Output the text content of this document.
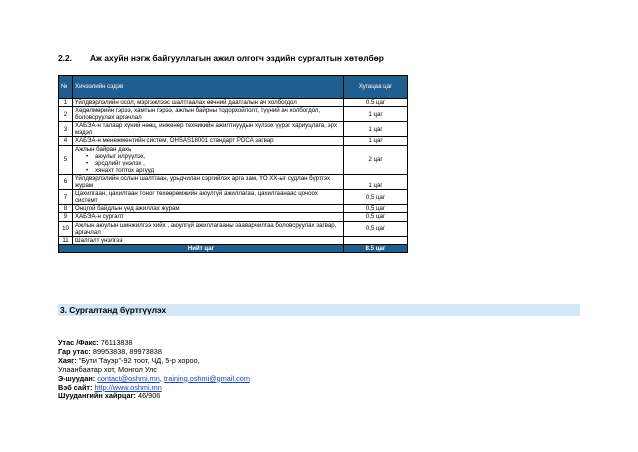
2.2.	Аж ахуйн нэгж байгууллагын ажил олгогч эздийн сургалтын хөтөлбөр
№	Хичээлийн сэдэв	Хугацаа цаг
1	Үйлдвэрлэлийн осол, мэргэжлээс шалтгаалах өвчний даатгалын ач холбогдол	0.5 цаг
2	Хөдөлмөрийн гэрээ, хамтын гэрээ, ажлын байрны тодорхойлолт, түүний ач холбогдол, боловсруулах аргачлал	1 цаг
3	ХАБЭА-н талаар хүний нөөц, инженер техникийн ажилтнуудын хүлээх үүрэг хариуцлага, эрх мэдэл	1 цаг
4	ХАБЭА-н менежментийн систем, OHSAS18001 стандарт PDCA загвар	1 цаг
5	Ажлын байран дахь
• аюулыг илрүүлэх,
• эрсдлийг үнэлэх ,
• хянахт топтох аргууд	2 цаг
6	Үйлдвэрлэлийн ослын шалтгаан, урьдчилан сэргийлэх арга зам, ҮО ХХ-ыг судлан бүртгэх журам	1 цаг
7	Цахилгаан, цахилгаан тоног төхөөрөмжийн аюулгүй ажиллагаа, цахилгаанаас цочоох системт	0,5 цаг
8	Онцгой байдлын үед ажиллах журам	0,5 цаг
9	ХАБЭА-н сургалт	0,5 цаг
10	Ажлын аюулын шинжилгээ хийх , аюулгүй ажиллагааны зааварчилгаа боловсруулах загвар, аргачлал	0,5 цаг
11	Шалгалт үнэлгээ	
Нийт цаг		8.5 цаг
3. Сургалтанд бүртгүүлэх
Утас /Факс: 76113838
Гар утас: 89953838, 89973838
Хаяг: "Бути Тауэр"-92 тоот, ЧД, 5-р хороо,
Улаанбаатар хот, Монгол Улс
Э-шуудан: contact@oshmi.mn, training.oshmi@gmail.com
Вэб сайт: http://www.oshmi.mn
Шуудангийн хайрцаг: 46/906
